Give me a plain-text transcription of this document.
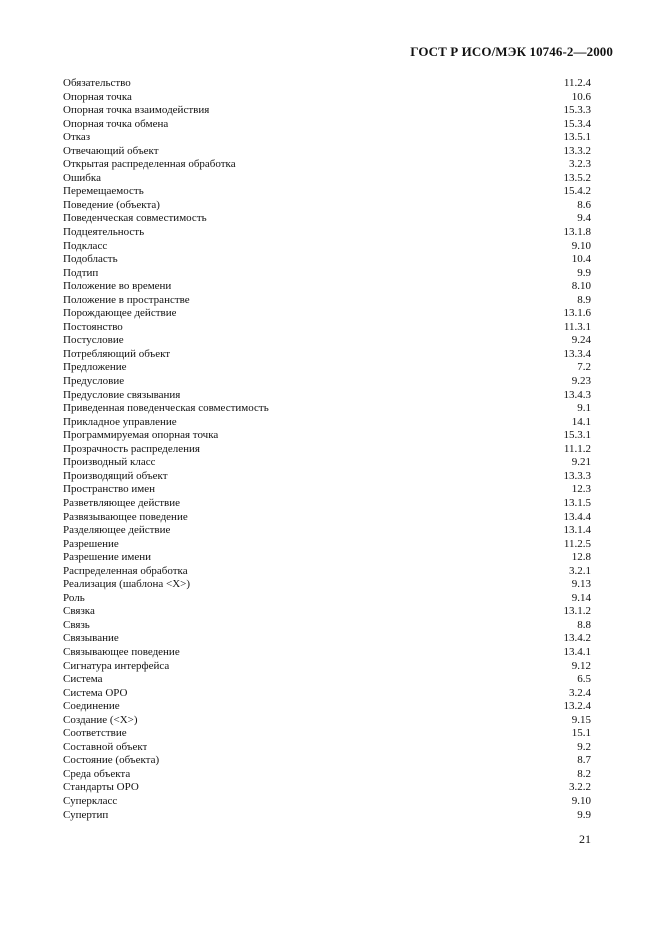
ГОСТ Р ИСО/МЭК 10746-2—2000
Обязательство	11.2.4
Опорная точка	10.6
Опорная точка взаимодействия	15.3.3
Опорная точка обмена	15.3.4
Отказ	13.5.1
Отвечающий объект	13.3.2
Открытая распределенная обработка	3.2.3
Ошибка	13.5.2
Перемещаемость	15.4.2
Поведение (объекта)	8.6
Поведенческая совместимость	9.4
Подцеятельность	13.1.8
Подкласс	9.10
Подобласть	10.4
Подтип	9.9
Положение во времени	8.10
Положение в пространстве	8.9
Порождающее действие	13.1.6
Постоянство	11.3.1
Постусловие	9.24
Потребляющий объект	13.3.4
Предложение	7.2
Предусловие	9.23
Предусловие связывания	13.4.3
Приведенная поведенческая совместимость	9.1
Прикладное управление	14.1
Программируемая опорная точка	15.3.1
Прозрачность распределения	11.1.2
Производный класс	9.21
Производящий объект	13.3.3
Пространство имен	12.3
Разветвляющее действие	13.1.5
Развязывающее поведение	13.4.4
Разделяющее действие	13.1.4
Разрешение	11.2.5
Разрешение имени	12.8
Распределенная обработка	3.2.1
Реализация (шаблона <X>)	9.13
Роль	9.14
Связка	13.1.2
Связь	8.8
Связывание	13.4.2
Связывающее поведение	13.4.1
Сигнатура интерфейса	9.12
Система	6.5
Система ОРО	3.2.4
Соединение	13.2.4
Создание (<X>)	9.15
Соответствие	15.1
Составной объект	9.2
Состояние (объекта)	8.7
Среда объекта	8.2
Стандарты ОРО	3.2.2
Суперкласс	9.10
Супертип	9.9
21
